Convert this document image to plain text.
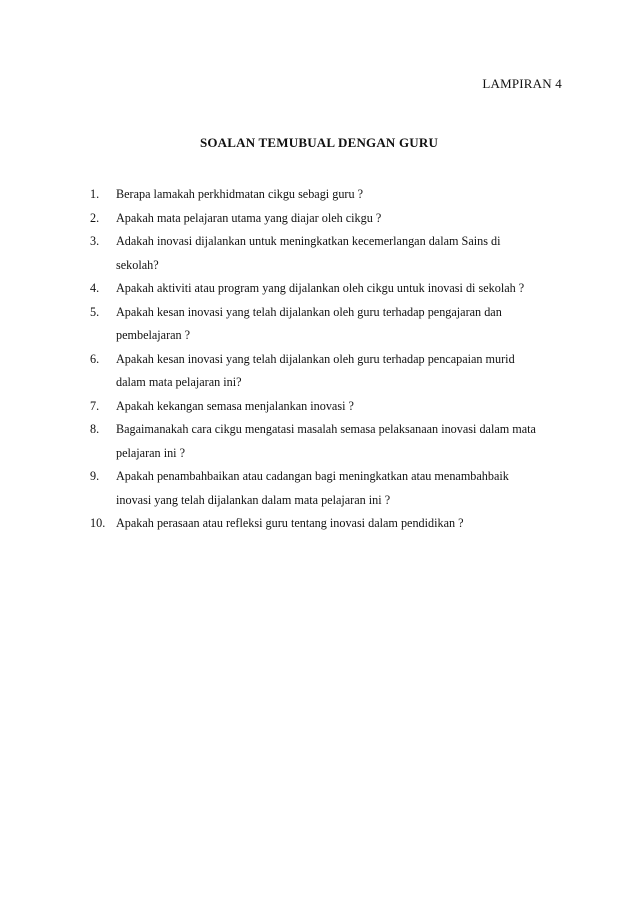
LAMPIRAN 4
SOALAN TEMUBUAL DENGAN GURU
1. Berapa lamakah perkhidmatan cikgu sebagi guru ?
2. Apakah mata pelajaran utama yang diajar oleh cikgu ?
3. Adakah inovasi dijalankan untuk meningkatkan kecemerlangan dalam Sains di
sekolah?
4. Apakah aktiviti atau program yang dijalankan oleh cikgu untuk inovasi di sekolah ?
5. Apakah kesan inovasi yang telah dijalankan oleh guru terhadap pengajaran dan
pembelajaran ?
6. Apakah kesan inovasi yang telah dijalankan oleh guru terhadap pencapaian murid
dalam mata pelajaran ini?
7. Apakah kekangan semasa menjalankan inovasi ?
8. Bagaimanakah cara cikgu mengatasi masalah semasa pelaksanaan inovasi dalam mata
pelajaran ini ?
9. Apakah penambahbaikan atau cadangan bagi meningkatkan atau menambahbaik
inovasi yang telah dijalankan dalam mata pelajaran ini ?
10. Apakah perasaan atau refleksi guru tentang inovasi dalam pendidikan ?
